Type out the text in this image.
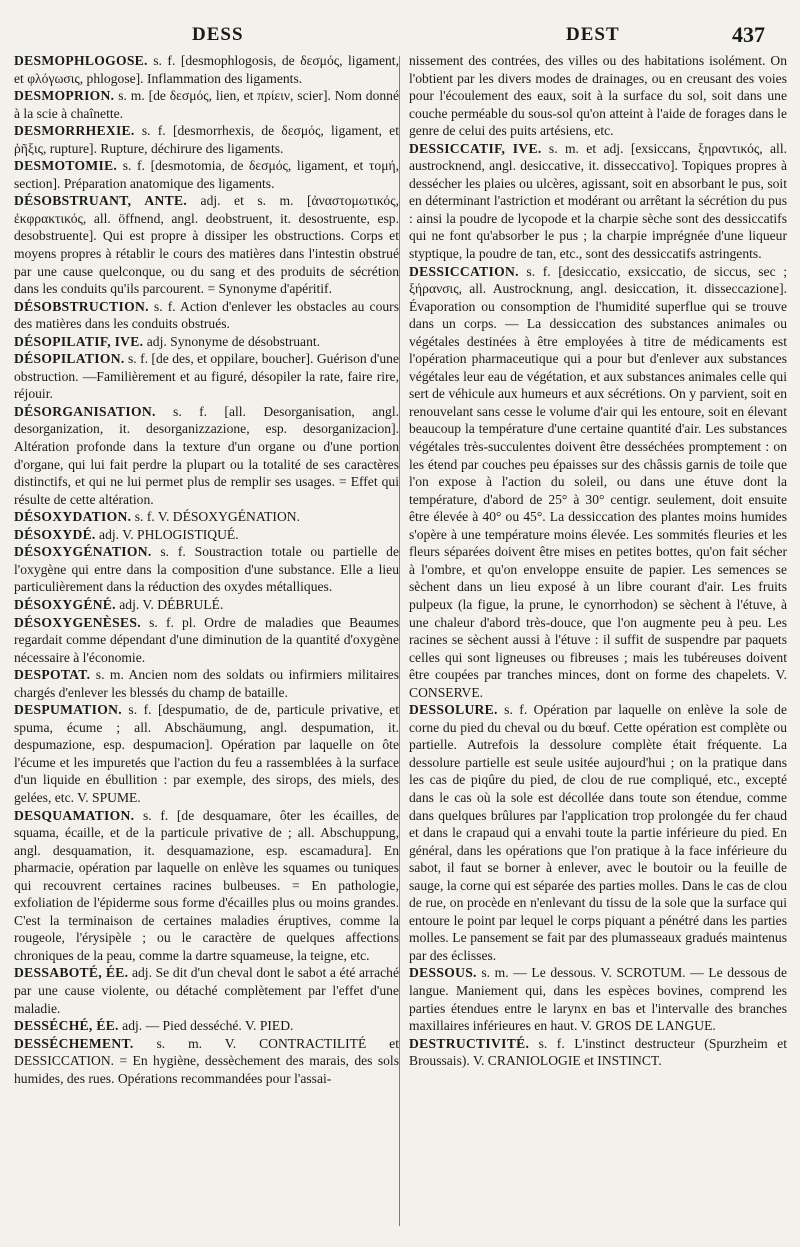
DESS	DEST	437

DESMOPHLOGOSE. s. f. [desmophlogosis, de δεσμός, ligament, et φλόγωσις, phlogose]. Inflammation des ligaments.

DESMOPRION. s. m. [de δεσμός, lien, et πρίειν, scier]. Nom donné à la scie à chaînette.

DESMORRHEXIE. s. f. [desmorrhexis, de δεσμός, ligament, et ῥῆξις, rupture]. Rupture, déchirure des ligaments.

DESMOTOMIE. s. f. [desmotomia, de δεσμός, ligament, et τομή, section]. Préparation anatomique des ligaments.

DÉSOBSTRUANT, ANTE. adj. et s. m. [ἀναστομωτικός, ἐκφρακτικός, all. öffnend, angl. deobstruent, it. desostruente, esp. desobstruente]. Qui est propre à dissiper les obstructions. Corps et moyens propres à rétablir le cours des matières dans l'intestin obstrué par une cause quelconque, ou du sang et des produits de sécrétion dans les conduits qu'ils parcourent. = Synonyme d'apéritif.

DÉSOBSTRUCTION. s. f. Action d'enlever les obstacles au cours des matières dans les conduits obstrués.

DÉSOPILATIF, IVE. adj. Synonyme de désobstruant.

DÉSOPILATION. s. f. [de des, et oppilare, boucher]. Guérison d'une obstruction. —Familièrement et au figuré, désopiler la rate, faire rire, réjouir.

DÉSORGANISATION. s. f. [all. Desorganisation, angl. desorganization, it. desorganizzazione, esp. desorganizacion]. Altération profonde dans la texture d'un organe ou d'une portion d'organe, qui lui fait perdre la plupart ou la totalité de ses caractères distinctifs, et qui ne lui permet plus de remplir ses usages. = Effet qui résulte de cette altération.

DÉSOXYDATION. s. f. V. DÉSOXYGÉNATION.

DÉSOXYDÉ. adj. V. PHLOGISTIQUÉ.

DÉSOXYGÉNATION. s. f. Soustraction totale ou partielle de l'oxygène qui entre dans la composition d'une substance. Elle a lieu particulièrement dans la réduction des oxydes métalliques.

DÉSOXYGÉNÉ. adj. V. DÉBRULÉ.

DÉSOXYGENÈSES. s. f. pl. Ordre de maladies que Beaumes regardait comme dépendant d'une diminution de la quantité d'oxygène nécessaire à l'économie.

DESPOTAT. s. m. Ancien nom des soldats ou infirmiers militaires chargés d'enlever les blessés du champ de bataille.

DESPUMATION. s. f. [despumatio, de de, particule privative, et spuma, écume ; all. Abschäumung, angl. despumation, it. despumazione, esp. despumacion]. Opération par laquelle on ôte l'écume et les impuretés que l'action du feu a rassemblées à la surface d'un liquide en ébullition : par exemple, des sirops, des miels, des gelées, etc. V. SPUME.

DESQUAMATION. s. f. [de desquamare, ôter les écailles, de squama, écaille, et de la particule privative de ; all. Abschuppung, angl. desquamation, it. desquamazione, esp. escamadura]. En pharmacie, opération par laquelle on enlève les squames ou tuniques qui recouvrent certaines racines bulbeuses. = En pathologie, exfoliation de l'épiderme sous forme d'écailles plus ou moins grandes. C'est la terminaison de certaines maladies éruptives, comme la rougeole, l'érysipèle ; ou le caractère de quelques affections chroniques de la peau, comme la dartre squameuse, la teigne, etc.

DESSABOTÉ, ÉE. adj. Se dit d'un cheval dont le sabot a été arraché par une cause violente, ou détaché complètement par l'effet d'une maladie.

DESSÉCHÉ, ÉE. adj. — Pied desséché. V. PIED.

DESSÉCHEMENT. s. m. V. CONTRACTILITÉ et DESSICCATION. = En hygiène, dessèchement des marais, des sols humides, des rues. Opérations recommandées pour l'assai-

nissement des contrées, des villes ou des habitations isolément. On l'obtient par les divers modes de drainages, ou en creusant des voies pour l'écoulement des eaux, soit à la surface du sol, soit dans une couche perméable du sous-sol qu'on atteint à l'aide de forages dans le genre de celui des puits artésiens, etc.

DESSICCATIF, IVE. s. m. et adj. [exsiccans, ξηραντικός, all. austrocknend, angl. desiccative, it. disseccativo]. Topiques propres à dessécher les plaies ou ulcères, agissant, soit en absorbant le pus, soit en déterminant l'astriction et modérant ou arrêtant la sécrétion du pus : ainsi la poudre de lycopode et la charpie sèche sont des dessiccatifs qui ne font qu'absorber le pus ; la charpie imprégnée d'une liqueur styptique, la poudre de tan, etc., sont des dessiccatifs astringents.

DESSICCATION. s. f. [desiccatio, exsiccatio, de siccus, sec ; ξήρανσις, all. Austrocknung, angl. desiccation, it. disseccazione]. Évaporation ou consomption de l'humidité superflue qui se trouve dans un corps. — La dessiccation des substances animales ou végétales destinées à être employées à titre de médicaments est l'opération pharmaceutique qui a pour but d'enlever aux substances végétales leur eau de végétation, et aux substances animales celle qui sert de véhicule aux humeurs et aux sécrétions. On y parvient, soit en renouvelant sans cesse le volume d'air qui les entoure, soit en élevant beaucoup la température d'une certaine quantité d'air. Les substances végétales très-succulentes doivent être desséchées promptement : on les étend par couches peu épaisses sur des châssis garnis de toile que l'on expose à l'action du soleil, ou dans une étuve dont la température, d'abord de 25° à 30° centigr. seulement, doit ensuite être élevée à 40° ou 45°. La dessiccation des plantes moins humides s'opère à une température moins élevée. Les sommités fleuries et les fleurs séparées doivent être mises en petites bottes, qu'on fait sécher à l'ombre, et qu'on enveloppe ensuite de papier. Les semences se sèchent dans un lieu exposé à un libre courant d'air. Les fruits pulpeux (la figue, la prune, le cynorrhodon) se sèchent à l'étuve, à une chaleur d'abord très-douce, que l'on augmente peu à peu. Les racines se sèchent aussi à l'étuve : il suffit de suspendre par paquets celles qui sont ligneuses ou fibreuses ; mais les tubéreuses doivent être coupées par tranches minces, dont on forme des chapelets. V. CONSERVE.

DESSOLURE. s. f. Opération par laquelle on enlève la sole de corne du pied du cheval ou du bœuf. Cette opération est complète ou partielle. Autrefois la dessolure complète était fréquente. La dessolure partielle est seule usitée aujourd'hui ; on la pratique dans les cas de piqûre du pied, de clou de rue compliqué, etc., excepté dans le cas où la sole est décollée dans toute son étendue, comme dans quelques brûlures par l'application trop prolongée du fer chaud et dans le crapaud qui a envahi toute la partie inférieure du pied. En général, dans les opérations que l'on pratique à la face inférieure du sabot, il faut se borner à enlever, avec le boutoir ou la feuille de sauge, la corne qui est séparée des parties molles. Dans le cas de clou de rue, on procède en n'enlevant du tissu de la sole que la surface qui entoure le point par lequel le corps piquant a pénétré dans les parties molles. Le pansement se fait par des plumasseaux gradués maintenus par des éclisses.

DESSOUS. s. m. — Le dessous. V. SCROTUM. — Le dessous de langue. Maniement qui, dans les espèces bovines, comprend les parties étendues entre le larynx en bas et l'intervalle des branches maxillaires inférieures en haut. V. GROS DE LANGUE.

DESTRUCTIVITÉ. s. f. L'instinct destructeur (Spurzheim et Broussais). V. CRANIOLOGIE et INSTINCT.
